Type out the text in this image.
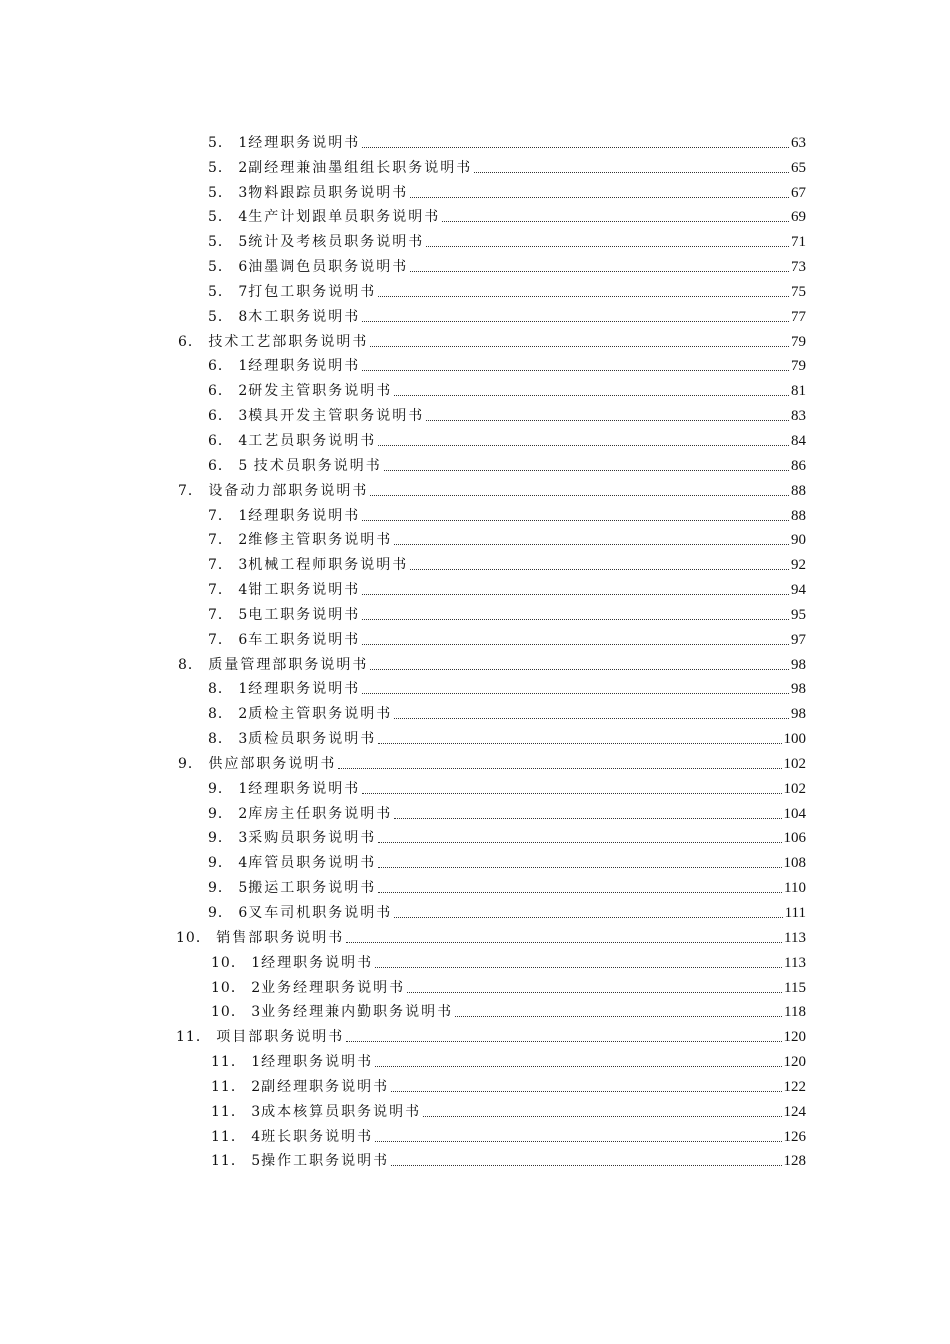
5． 1 经理职务说明书	63
5． 2 副经理兼油墨组组长职务说明书	65
5． 3 物料跟踪员职务说明书	67
5． 4 生产计划跟单员职务说明书	69
5． 5 统计及考核员职务说明书	71
5． 6 油墨调色员职务说明书	73
5． 7 打包工职务说明书	75
5． 8 木工职务说明书	77
6． 技术工艺部职务说明书	79
6． 1 经理职务说明书	79
6． 2 研发主管职务说明书	81
6． 3 模具开发主管职务说明书	83
6． 4 工艺员职务说明书	84
6． 5 技术员职务说明书	86
7． 设备动力部职务说明书	88
7． 1 经理职务说明书	88
7． 2 维修主管职务说明书	90
7． 3 机械工程师职务说明书	92
7． 4 钳工职务说明书	94
7． 5 电工职务说明书	95
7． 6 车工职务说明书	97
8． 质量管理部职务说明书	98
8． 1 经理职务说明书	98
8． 2 质检主管职务说明书	98
8． 3 质检员职务说明书	100
9． 供应部职务说明书	102
9． 1 经理职务说明书	102
9． 2 库房主任职务说明书	104
9． 3 采购员职务说明书	106
9． 4 库管员职务说明书	108
9． 5 搬运工职务说明书	110
9． 6 叉车司机职务说明书	111
10． 销售部职务说明书	113
10． 1 经理职务说明书	113
10． 2 业务经理职务说明书	115
10． 3 业务经理兼内勤职务说明书	118
11． 项目部职务说明书	120
11． 1 经理职务说明书	120
11． 2 副经理职务说明书	122
11． 3 成本核算员职务说明书	124
11． 4 班长职务说明书	126
11． 5 操作工职务说明书	128
